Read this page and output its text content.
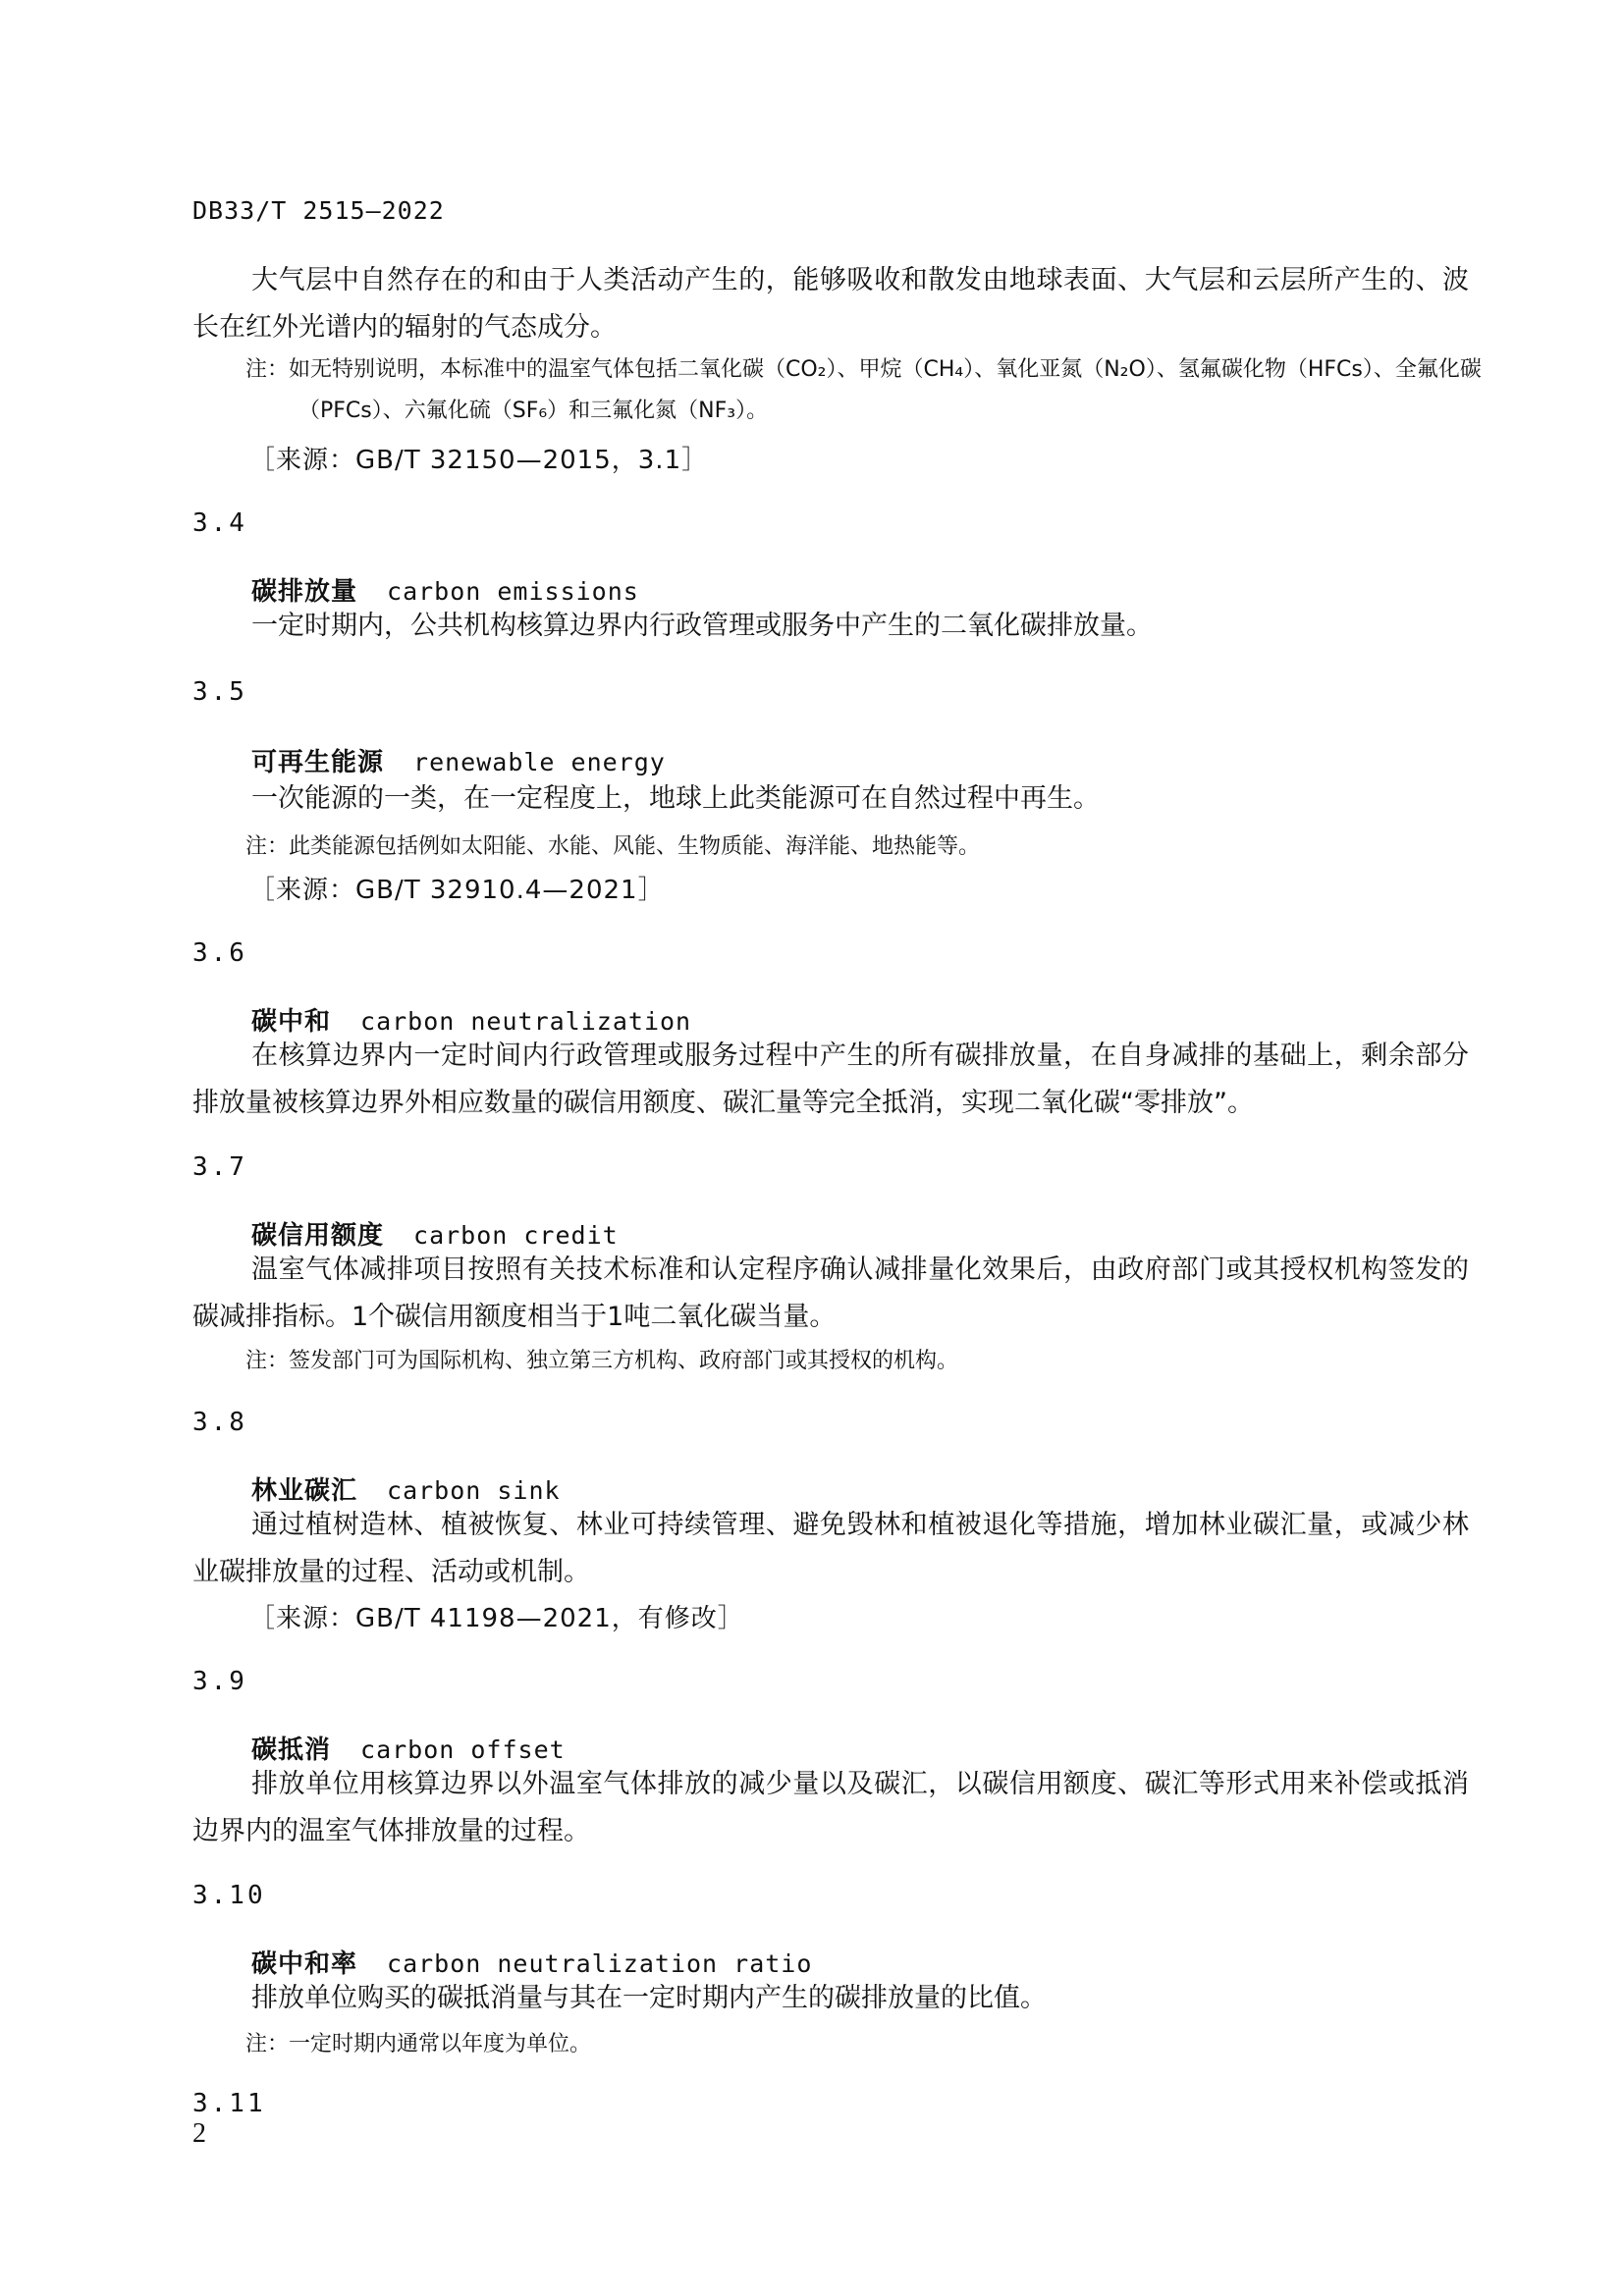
DB33/T 2515—2022
大气层中自然存在的和由于人类活动产生的，能够吸收和散发由地球表面、大气层和云层所产生的、波长在红外光谱内的辐射的气态成分。
注：如无特别说明，本标准中的温室气体包括二氧化碳（CO₂）、甲烷（CH₄）、氧化亚氮（N₂O）、氢氟碳化物（HFCs）、全氟化碳（PFCs）、六氟化硫（SF₆）和三氟化氮（NF₃）。
［来源：GB/T 32150—2015，3.1］
3.4
碳排放量 carbon emissions
一定时期内，公共机构核算边界内行政管理或服务中产生的二氧化碳排放量。
3.5
可再生能源 renewable energy
一次能源的一类，在一定程度上，地球上此类能源可在自然过程中再生。
注：此类能源包括例如太阳能、水能、风能、生物质能、海洋能、地热能等。
［来源：GB/T 32910.4—2021］
3.6
碳中和 carbon neutralization
在核算边界内一定时间内行政管理或服务过程中产生的所有碳排放量，在自身减排的基础上，剩余部分排放量被核算边界外相应数量的碳信用额度、碳汇量等完全抵消，实现二氧化碳“零排放”。
3.7
碳信用额度 carbon credit
温室气体减排项目按照有关技术标准和认定程序确认减排量化效果后，由政府部门或其授权机构签发的碳减排指标。1个碳信用额度相当于1吨二氧化碳当量。
注：签发部门可为国际机构、独立第三方机构、政府部门或其授权的机构。
3.8
林业碳汇 carbon sink
通过植树造林、植被恢复、林业可持续管理、避免毁林和植被退化等措施，增加林业碳汇量，或减少林业碳排放量的过程、活动或机制。
［来源：GB/T 41198—2021，有修改］
3.9
碳抵消 carbon offset
排放单位用核算边界以外温室气体排放的减少量以及碳汇，以碳信用额度、碳汇等形式用来补偿或抵消边界内的温室气体排放量的过程。
3.10
碳中和率 carbon neutralization ratio
排放单位购买的碳抵消量与其在一定时期内产生的碳排放量的比值。
注：一定时期内通常以年度为单位。
3.11
2
